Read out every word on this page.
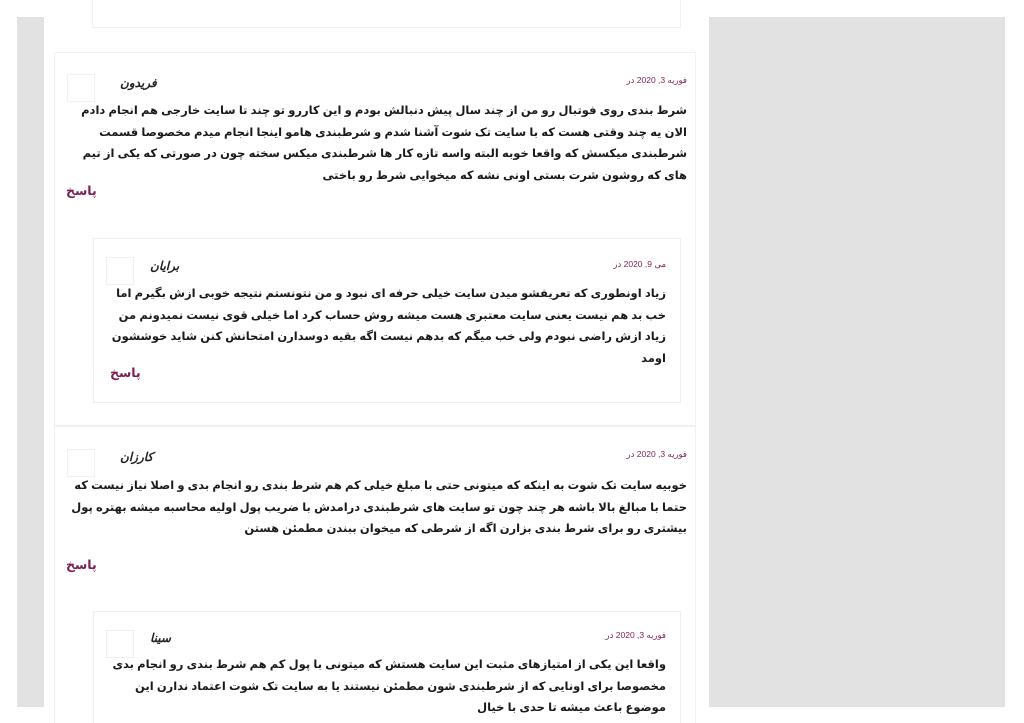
فوریه 3, 2020 در
فریدون
شرط بندی روی فوتبال رو من از چند سال پیش دنبالش بودم و این کاررو تو چند تا سایت خارجی هم انجام دادم الان یه چند وقتی هست که با سایت تک شوت آشنا شدم و شرطبندی هامو اینجا انجام میدم مخصوصا قسمت شرطبندی میکسش که واقعا خوبه البته واسه تازه کار ها شرطبندی میکس سخته چون در صورتی که یکی از تیم های که روشون شرت بستی اونی نشه که میخوایی شرط رو باختی
پاسخ
می 9, 2020 در
برایان
زیاد اونطوری که تعریفشو میدن سایت خیلی حرفه ای نبود و من نتونستم نتیجه خوبی ازش بگیرم اما خب بد هم نیست یعنی سایت معتبری هست میشه روش حساب کرد اما خیلی قوی نیست نمیدونم من زیاد ازش راضی نبودم ولی خب میگم که بدهم نیست اگه بقیه دوسدارن امتحانش کنن شاید خوششون اومد
پاسخ
فوریه 3, 2020 در
کارزان
خوبیه سایت تک شوت به اینکه که میتونی حتی با مبلغ خیلی کم هم شرط بندی رو انجام بدی و اصلا نیاز نیست که حتما با مبالغ بالا باشه هر چند چون تو سایت های شرطبندی درامدش با ضریب پول اولیه محاسبه میشه بهتره پول بیشتری رو برای شرط بندی بزارن اگه از شرطی که میخوان ببندن مطمئن هستن
پاسخ
فوریه 3, 2020 در
سینا
واقعا این یکی از امتیازهای مثبت این سایت هستش که میتونی با پول کم هم شرط بندی رو انجام بدی مخصوصا برای اونایی که از شرطبندی شون مطمئن نیستند یا به سایت تک شوت اعتماد ندارن این موضوع باعث میشه تا حدی با خیال
